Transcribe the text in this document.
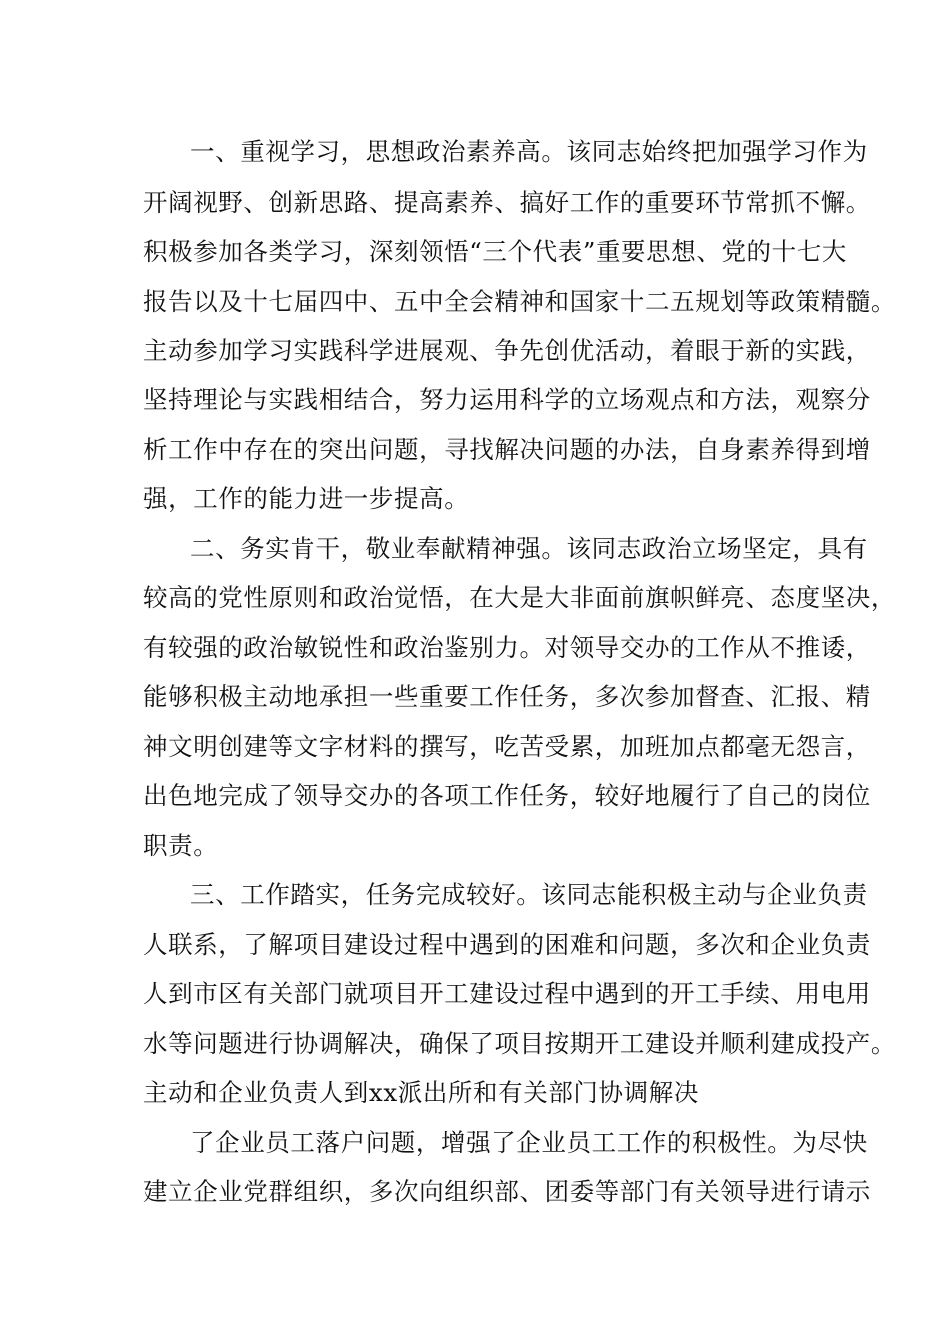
一、重视学习，思想政治素养高。该同志始终把加强学习作为
开阔视野、创新思路、提高素养、搞好工作的重要环节常抓不懈。
积极参加各类学习，深刻领悟“三个代表”重要思想、党的十七大
报告以及十七届四中、五中全会精神和国家十二五规划等政策精髓。
主动参加学习实践科学进展观、争先创优活动，着眼于新的实践，
坚持理论与实践相结合，努力运用科学的立场观点和方法，观察分
析工作中存在的突出问题，寻找解决问题的办法，自身素养得到增
强，工作的能力进一步提高。
二、务实肯干，敬业奉献精神强。该同志政治立场坚定，具有
较高的党性原则和政治觉悟，在大是大非面前旗帜鲜亮、态度坚决，
有较强的政治敏锐性和政治鉴别力。对领导交办的工作从不推诿，
能够积极主动地承担一些重要工作任务，多次参加督查、汇报、精
神文明创建等文字材料的撰写，吃苦受累，加班加点都毫无怨言，
出色地完成了领导交办的各项工作任务，较好地履行了自己的岗位
职责。
三、工作踏实，任务完成较好。该同志能积极主动与企业负责
人联系，了解项目建设过程中遇到的困难和问题，多次和企业负责
人到市区有关部门就项目开工建设过程中遇到的开工手续、用电用
水等问题进行协调解决，确保了项目按期开工建设并顺利建成投产。
主动和企业负责人到xx派出所和有关部门协调解决
了企业员工落户问题，增强了企业员工工作的积极性。为尽快
建立企业党群组织，多次向组织部、团委等部门有关领导进行请示
